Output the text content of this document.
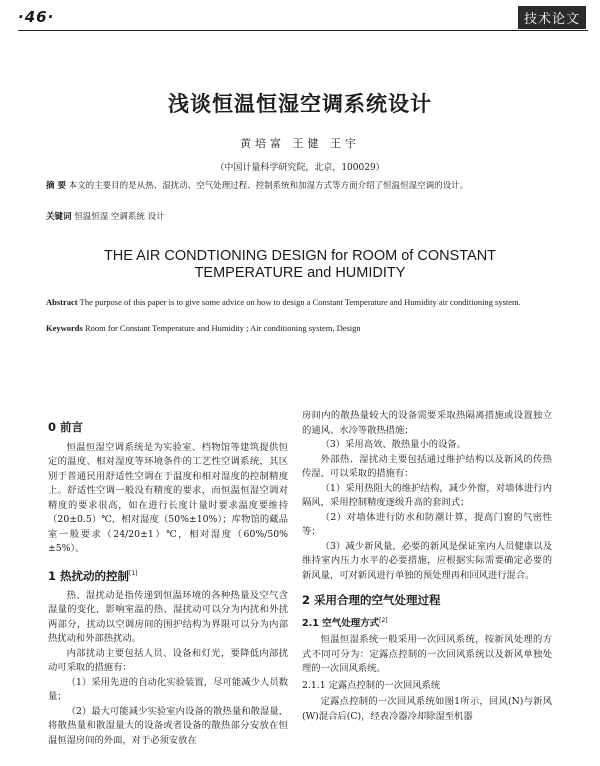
·46·	技术论文
浅谈恒温恒湿空调系统设计
黄培富 王健 王宇
（中国计量科学研究院，北京，100029）
摘 要 本文的主要目的是从热、湿扰动、空气处理过程、控制系统和加湿方式等方面介绍了恒温恒湿空调的设计。
关键词 恒温恒湿 空调系统 设计
THE AIR CONDTIONING DESIGN for ROOM of CONSTANT
TEMPERATURE and HUMIDITY
Abstract The purpose of this paper is to give some advice on how to design a Constant Temperature and Humidity air conditioning system.
Keywords Room for Constant Temperature and Humidity ; Air conditioning system, Design
0 前言

恒温恒湿空调系统是为实验室、档物馆等建筑提供恒定的温度、相对湿度等环境条件的工艺性空调系统，其区别于普通民用舒适性空调在于温度和相对湿度的控制精度上。舒适性空调一般没有精度的要求，而恒温恒湿空调对精度的要求很高，如在进行长度计量时要求温度要维持（20±0.5）℃，相对湿度（50%±10%）；库物馆的藏品室一般要求（24/20±1）℃，相对湿度（60%/50%±5%）。

1 热扰动的控制[1]

热、湿扰动是指传递到恒温环境的各种热量及空气含湿量的变化，影响室温的热、湿扰动可以分为内扰和外扰两部分，扰动以空调房间的围护结构为界限可以分为内部热扰动和外部热扰动。

内部扰动主要包括人员、设备和灯光，要降低内部扰动可采取的措施有：

（1）采用先进的自动化实验装置，尽可能减少人员数量；

（2）最大可能减少实验室内设备的散热量和散湿量，将散热量和散湿量大的设备或者设备的散热部分安放在恒温恒湿房间的外面，对于必须安放在

房间内的散热量较大的设备需要采取热隔离措施或设置独立的通风、水冷等散热措施；

（3）采用高效、散热量小的设备。

外部热、湿扰动主要包括通过维护结构以及新风的传热传湿，可以采取的措施有：

（1）采用热阻大的维护结构，减少外窗，对墙体进行内隔风，采用控制精度逐级升高的套间式；

（2）对墙体进行防水和防潮计算，提高门窗的气密性等；

（3）减少新风量，必要的新风是保证室内人员健康以及维持室内压力水平的必要措施，应根据实际需要确定必要的新风量，可对新风进行单独的预处理再和回风进行混合。

2 采用合理的空气处理过程
2.1 空气处理方式[2]

恒温恒湿系统一般采用一次回风系统，按新风处理的方式不同可分为：定露点控制的一次回风系统以及新风单独处理的一次回风系统。

2.1.1 定露点控制的一次回风系统

定露点控制的一次回风系统如图1所示，回风(N)与新风(W)混合后(C)，经表冷器冷却除湿至机器
